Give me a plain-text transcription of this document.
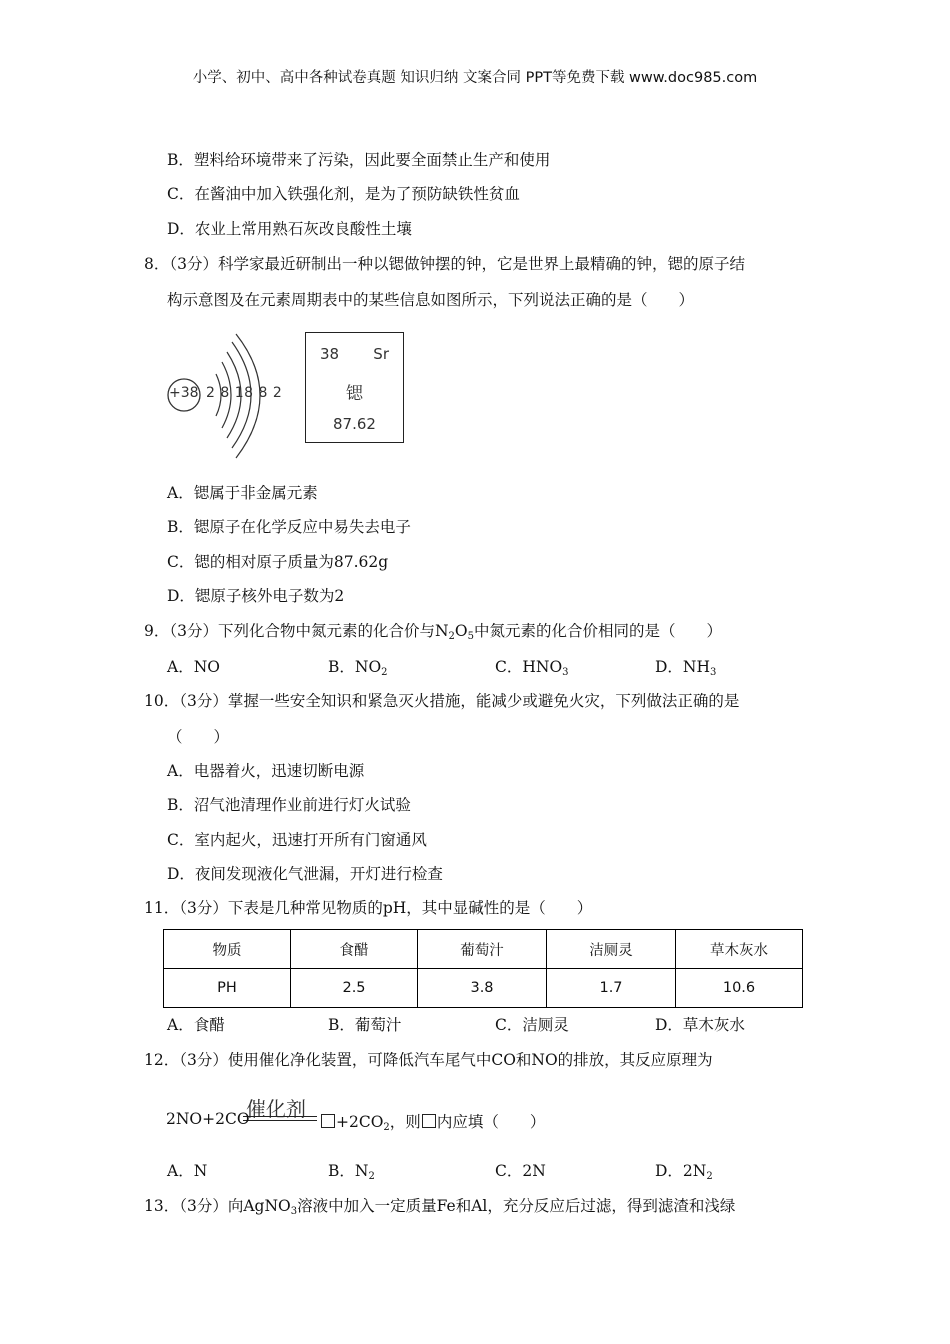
小学、初中、高中各种试卷真题 知识归纳 文案合同 PPT等免费下载 www.doc985.com
B．塑料给环境带来了污染，因此要全面禁止生产和使用
C．在酱油中加入铁强化剂，是为了预防缺铁性贫血
D．农业上常用熟石灰改良酸性土壤
8．（3分）科学家最近研制出一种以锶做钟摆的钟，它是世界上最精确的钟，锶的原子结
构示意图及在元素周期表中的某些信息如图所示，下列说法正确的是（　　）
+38 2 8 18 8 2
38 Sr
锶
87.62
A．锶属于非金属元素
B．锶原子在化学反应中易失去电子
C．锶的相对原子质量为87.62g
D．锶原子核外电子数为2
9．（3分）下列化合物中氮元素的化合价与$N_2O_5$中氮元素的化合价相同的是（　　）
A．NO	B．$NO_2$	C．$HNO_3$	D．$NH_3$
10．（3分）掌握一些安全知识和紧急灭火措施，能减少或避免火灾，下列做法正确的是
（　　）
A．电器着火，迅速切断电源
B．沼气池清理作业前进行灯火试验
C．室内起火，迅速打开所有门窗通风
D．夜间发现液化气泄漏，开灯进行检查
11．（3分）下表是几种常见物质的pH，其中显碱性的是（　　）
物质	食醋	葡萄汁	洁厕灵	草木灰水
PH	2.5	3.8	1.7	10.6
A．食醋	B．葡萄汁	C．洁厕灵	D．草木灰水
12．（3分）使用催化净化装置，可降低汽车尾气中CO和NO的排放，其反应原理为
催化剂
2NO+2CO	$+2CO_2$，则 内应填（　　）
A．N	B．$N_2$	C．2N	D．$2N_2$
13．（3分）向AgNO$_3$溶液中加入一定质量Fe和Al，充分反应后过滤，得到滤渣和浅绿
